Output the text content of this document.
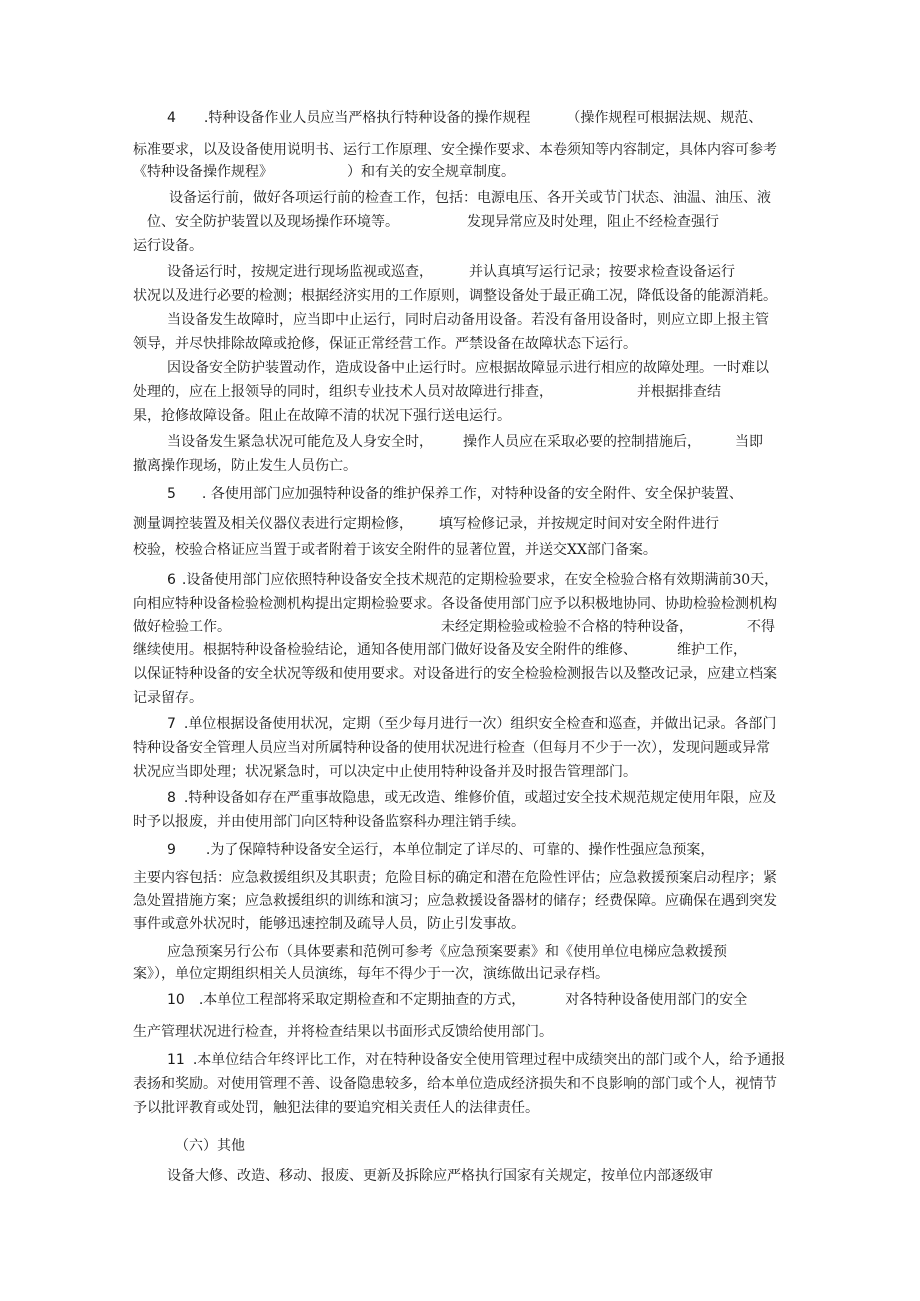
4 .特种设备作业人员应当严格执行特种设备的操作规程	（操作规程可根据法规、规范、
标准要求，以及设备使用说明书、运行工作原理、安全操作要求、本卷须知等内容制定，具体内容可参考
《特种设备操作规程》	）和有关的安全规章制度。
设备运行前，做好各项运行前的检查工作，包括：电源电压、各开关或节门状态、油温、油压、液
位、安全防护装置以及现场操作环境等。	发现异常应及时处理，阻止不经检查强行
运行设备。
设备运行时，按规定进行现场监视或巡查，	并认真填写运行记录；按要求检查设备运行
状况以及进行必要的检测；根据经济实用的工作原则，调整设备处于最正确工况，降低设备的能源消耗。
当设备发生故障时，应当即中止运行，同时启动备用设备。若没有备用设备时，则应立即上报主管
领导，并尽快排除故障或抢修，保证正常经营工作。严禁设备在故障状态下运行。
因设备安全防护装置动作，造成设备中止运行时。应根据故障显示进行相应的故障处理。一时难以
处理的，应在上报领导的同时，组织专业技术人员对故障进行排查，	并根据排查结
果，抢修故障设备。阻止在故障不清的状况下强行送电运行。
当设备发生紧急状况可能危及人身安全时， 操作人员应在采取必要的控制措施后， 当即
撤离操作现场，防止发生人员伤亡。
5 . 各使用部门应加强特种设备的维护保养工作，对特种设备的安全附件、安全保护装置、
测量调控装置及相关仪器仪表进行定期检修， 填写检修记录，并按规定时间对安全附件进行
校验，校验合格证应当置于或者附着于该安全附件的显著位置，并送交XX部门备案。
6 .设备使用部门应依照特种设备安全技术规范的定期检验要求，在安全检验合格有效期满前30天，
向相应特种设备检验检测机构提出定期检验要求。各设备使用部门应予以积极地协同、协助检验检测机构
做好检验工作。	未经定期检验或检验不合格的特种设备，	不得
继续使用。根据特种设备检验结论，通知各使用部门做好设备及安全附件的维修、	维护工作，
以保证特种设备的安全状况等级和使用要求。对设备进行的安全检验检测报告以及整改记录，应建立档案
记录留存。
7 .单位根据设备使用状况，定期（至少每月进行一次）组织安全检查和巡查，并做出记录。各部门
特种设备安全管理人员应当对所属特种设备的使用状况进行检查（但每月不少于一次），发现问题或异常
状况应当即处理；状况紧急时，可以决定中止使用特种设备并及时报告管理部门。
8 .特种设备如存在严重事故隐患，或无改造、维修价值，或超过安全技术规范规定使用年限，应及
时予以报废，并由使用部门向区特种设备监察科办理注销手续。
9 .为了保障特种设备安全运行，本单位制定了详尽的、可靠的、操作性强应急预案，
主要内容包括：应急救援组织及其职责；危险目标的确定和潜在危险性评估；应急救援预案启动程序；紧
急处置措施方案；应急救援组织的训练和演习；应急救援设备器材的储存；经费保障。应确保在遇到突发
事件或意外状况时，能够迅速控制及疏导人员，防止引发事故。
应急预案另行公布（具体要素和范例可参考《应急预案要素》和《使用单位电梯应急救援预
案》），单位定期组织相关人员演练，每年不得少于一次，演练做出记录存档。
10 .本单位工程部将采取定期检查和不定期抽查的方式，	对各特种设备使用部门的安全
生产管理状况进行检查，并将检查结果以书面形式反馈给使用部门。
11 .本单位结合年终评比工作，对在特种设备安全使用管理过程中成绩突出的部门或个人，给予通报
表扬和奖励。对使用管理不善、设备隐患较多，给本单位造成经济损失和不良影响的部门或个人，视情节
予以批评教育或处罚，触犯法律的要追究相关责任人的法律责任。
（六）其他
设备大修、改造、移动、报废、更新及拆除应严格执行国家有关规定，按单位内部逐级审
